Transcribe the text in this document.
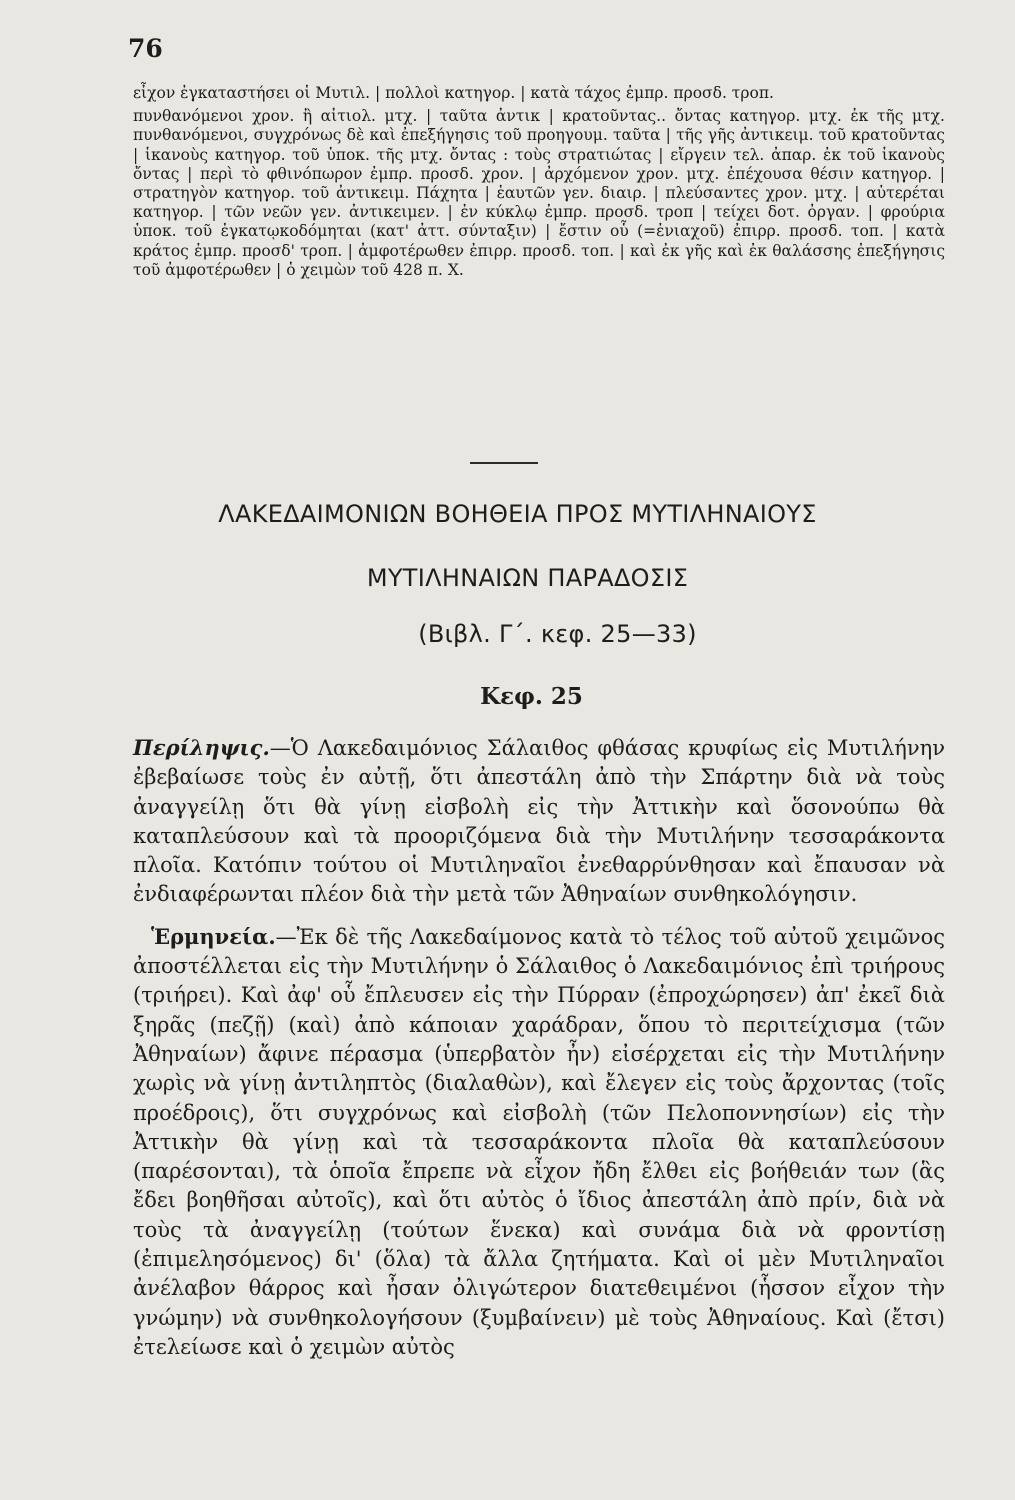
76

εἶχον ἐγκαταστήσει οἱ Μυτιλ. | πολλοὶ κατηγορ. | κατὰ τάχος ἐμπρ. προσδ. τροπ.

πυνθανόμενοι χρον. ἢ αἰτιολ. μτχ. | ταῦτα ἀντικ | κρατοῦντας.. ὄντας κατηγορ. μτχ. ἐκ τῆς μτχ. πυνθανόμενοι, συγχρόνως δὲ καὶ ἐπεξήγησις τοῦ προηγουμ. ταῦτα | τῆς γῆς ἀντικειμ. τοῦ κρατοῦντας | ἱκανοὺς κατηγορ. τοῦ ὑποκ. τῆς μτχ. ὄντας : τοὺς στρατιώτας | εἴργειν τελ. ἀπαρ. ἐκ τοῦ ἱκανοὺς ὄντας | περὶ τὸ φθινόπωρον ἐμπρ. προσδ. χρον. | ἀρχόμενον χρον. μτχ. ἐπέχουσα θέσιν κατηγορ. | στρατηγὸν κατηγορ. τοῦ ἀντικειμ. Πάχητα | ἑαυτῶν γεν. διαιρ. | πλεύσαντες χρον. μτχ. | αὐτερέται κατηγορ. | τῶν νεῶν γεν. ἀντικειμεν. | ἐν κύκλῳ ἐμπρ. προσδ. τροπ | τείχει δοτ. ὀργαν. | φρούρια ὑποκ. τοῦ ἐγκατῳκοδόμηται (κατ' ἀττ. σύνταξιν) | ἔστιν οὗ (=ἐνιαχοῦ) ἐπιρρ. προσδ. τοπ. | κατὰ κράτος ἐμπρ. προσδ' τροπ. | ἀμφοτέρωθεν ἐπιρρ. προσδ. τοπ. | καὶ ἐκ γῆς καὶ ἐκ θαλάσσης ἐπεξήγησις τοῦ ἀμφοτέρωθεν | ὁ χειμὼν τοῦ 428 π. Χ.

ΛΑΚΕΔΑΙΜΟΝΙΩΝ ΒΟΗΘΕΙΑ ΠΡΟΣ ΜΥΤΙΛΗΝΑΙΟΥΣ
ΜΥΤΙΛΗΝΑΙΩΝ ΠΑΡΑΔΟΣΙΣ
(Βιβλ. Γ΄. κεφ. 25—33)
Κεφ. 25

Περίληψις.—Ὁ Λακεδαιμόνιος Σάλαιθος φθάσας κρυφίως εἰς Μυτιλήνην ἐβεβαίωσε τοὺς ἐν αὐτῇ, ὅτι ἀπεστάλη ἀπὸ τὴν Σπάρτην διὰ νὰ τοὺς ἀναγγείλῃ ὅτι θὰ γίνῃ εἰσβολὴ εἰς τὴν Ἀττικὴν καὶ ὅσονούπω θὰ καταπλεύσουν καὶ τὰ προοριζόμενα διὰ τὴν Μυτιλήνην τεσσαράκοντα πλοῖα. Κατόπιν τούτου οἱ Μυτιληναῖοι ἐνεθαρρύνθησαν καὶ ἔπαυσαν νὰ ἐνδιαφέρωνται πλέον διὰ τὴν μετὰ τῶν Ἀθηναίων συνθηκολόγησιν.

Ἑρμηνεία.—Ἐκ δὲ τῆς Λακεδαίμονος κατὰ τὸ τέλος τοῦ αὐτοῦ χειμῶνος ἀποστέλλεται εἰς τὴν Μυτιλήνην ὁ Σάλαιθος ὁ Λακεδαιμόνιος ἐπὶ τριήρους (τριήρει). Καὶ ἀφ' οὗ ἔπλευσεν εἰς τὴν Πύρραν (ἐπροχώρησεν) ἀπ' ἐκεῖ διὰ ξηρᾶς (πεζῇ) (καὶ) ἀπὸ κάποιαν χαράδραν, ὅπου τὸ περιτείχισμα (τῶν Ἀθηναίων) ἄφινε πέρασμα (ὑπερβατὸν ἦν) εἰσέρχεται εἰς τὴν Μυτιλήνην χωρὶς νὰ γίνῃ ἀντιληπτὸς (διαλαθὼν), καὶ ἔλεγεν εἰς τοὺς ἄρχοντας (τοῖς προέδροις), ὅτι συγχρόνως καὶ εἰσβολὴ (τῶν Πελοποννησίων) εἰς τὴν Ἀττικὴν θὰ γίνῃ καὶ τὰ τεσσαράκοντα πλοῖα θὰ καταπλεύσουν (παρέσονται), τὰ ὁποῖα ἔπρεπε νὰ εἶχον ἤδη ἔλθει εἰς βοήθειάν των (ἃς ἔδει βοηθῆσαι αὐτοῖς), καὶ ὅτι αὐτὸς ὁ ἴδιος ἀπεστάλη ἀπὸ πρίν, διὰ νὰ τοὺς τὰ ἀναγγείλῃ (τούτων ἕνεκα) καὶ συνάμα διὰ νὰ φροντίσῃ (ἐπιμελησόμενος) δι' (ὅλα) τὰ ἄλλα ζητήματα. Καὶ οἱ μὲν Μυτιληναῖοι ἀνέλαβον θάρρος καὶ ἦσαν ὀλιγώτερον διατεθειμένοι (ἧσσον εἶχον τὴν γνώμην) νὰ συνθηκολογήσουν (ξυμβαίνειν) μὲ τοὺς Ἀθηναίους. Καὶ (ἔτσι) ἐτελείωσε καὶ ὁ χειμὼν αὐτὸς
